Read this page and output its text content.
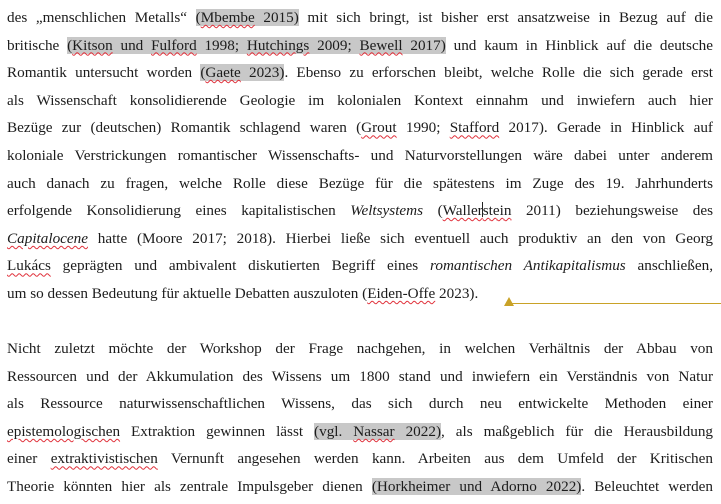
des „menschlichen Metalls“ (Mbembe 2015) mit sich bringt, ist bisher erst ansatzweise in Bezug auf die
britische (Kitson und Fulford 1998; Hutchings 2009; Bewell 2017) und kaum in Hinblick auf die deutsche
Romantik untersucht worden (Gaete 2023). Ebenso zu erforschen bleibt, welche Rolle die sich gerade erst
als Wissenschaft konsolidierende Geologie im kolonialen Kontext einnahm und inwiefern auch hier
Bezüge zur (deutschen) Romantik schlagend waren (Grout 1990; Stafford 2017). Gerade in Hinblick auf
koloniale Verstrickungen romantischer Wissenschafts- und Naturvorstellungen wäre dabei unter anderem
auch danach zu fragen, welche Rolle diese Bezüge für die spätestens im Zuge des 19. Jahrhunderts
erfolgende Konsolidierung eines kapitalistischen Weltsystems (Wallerstein 2011) beziehungsweise des
Capitalocene hatte (Moore 2017; 2018). Hierbei ließe sich eventuell auch produktiv an den von Georg
Lukács geprägten und ambivalent diskutierten Begriff eines romantischen Antikapitalismus anschließen,
um so dessen Bedeutung für aktuelle Debatten auszuloten (Eiden-Offe 2023).
Nicht zuletzt möchte der Workshop der Frage nachgehen, in welchen Verhältnis der Abbau von
Ressourcen und der Akkumulation des Wissens um 1800 stand und inwiefern ein Verständnis von Natur
als Ressource naturwissenschaftlichen Wissens, das sich durch neu entwickelte Methoden einer
epistemologischen Extraktion gewinnen lässt (vgl. Nassar 2022), als maßgeblich für die Herausbildung
einer extraktivistischen Vernunft angesehen werden kann. Arbeiten aus dem Umfeld der Kritischen
Theorie könnten hier als zentrale Impulsgeber dienen (Horkheimer und Adorno 2022). Beleuchtet werden
